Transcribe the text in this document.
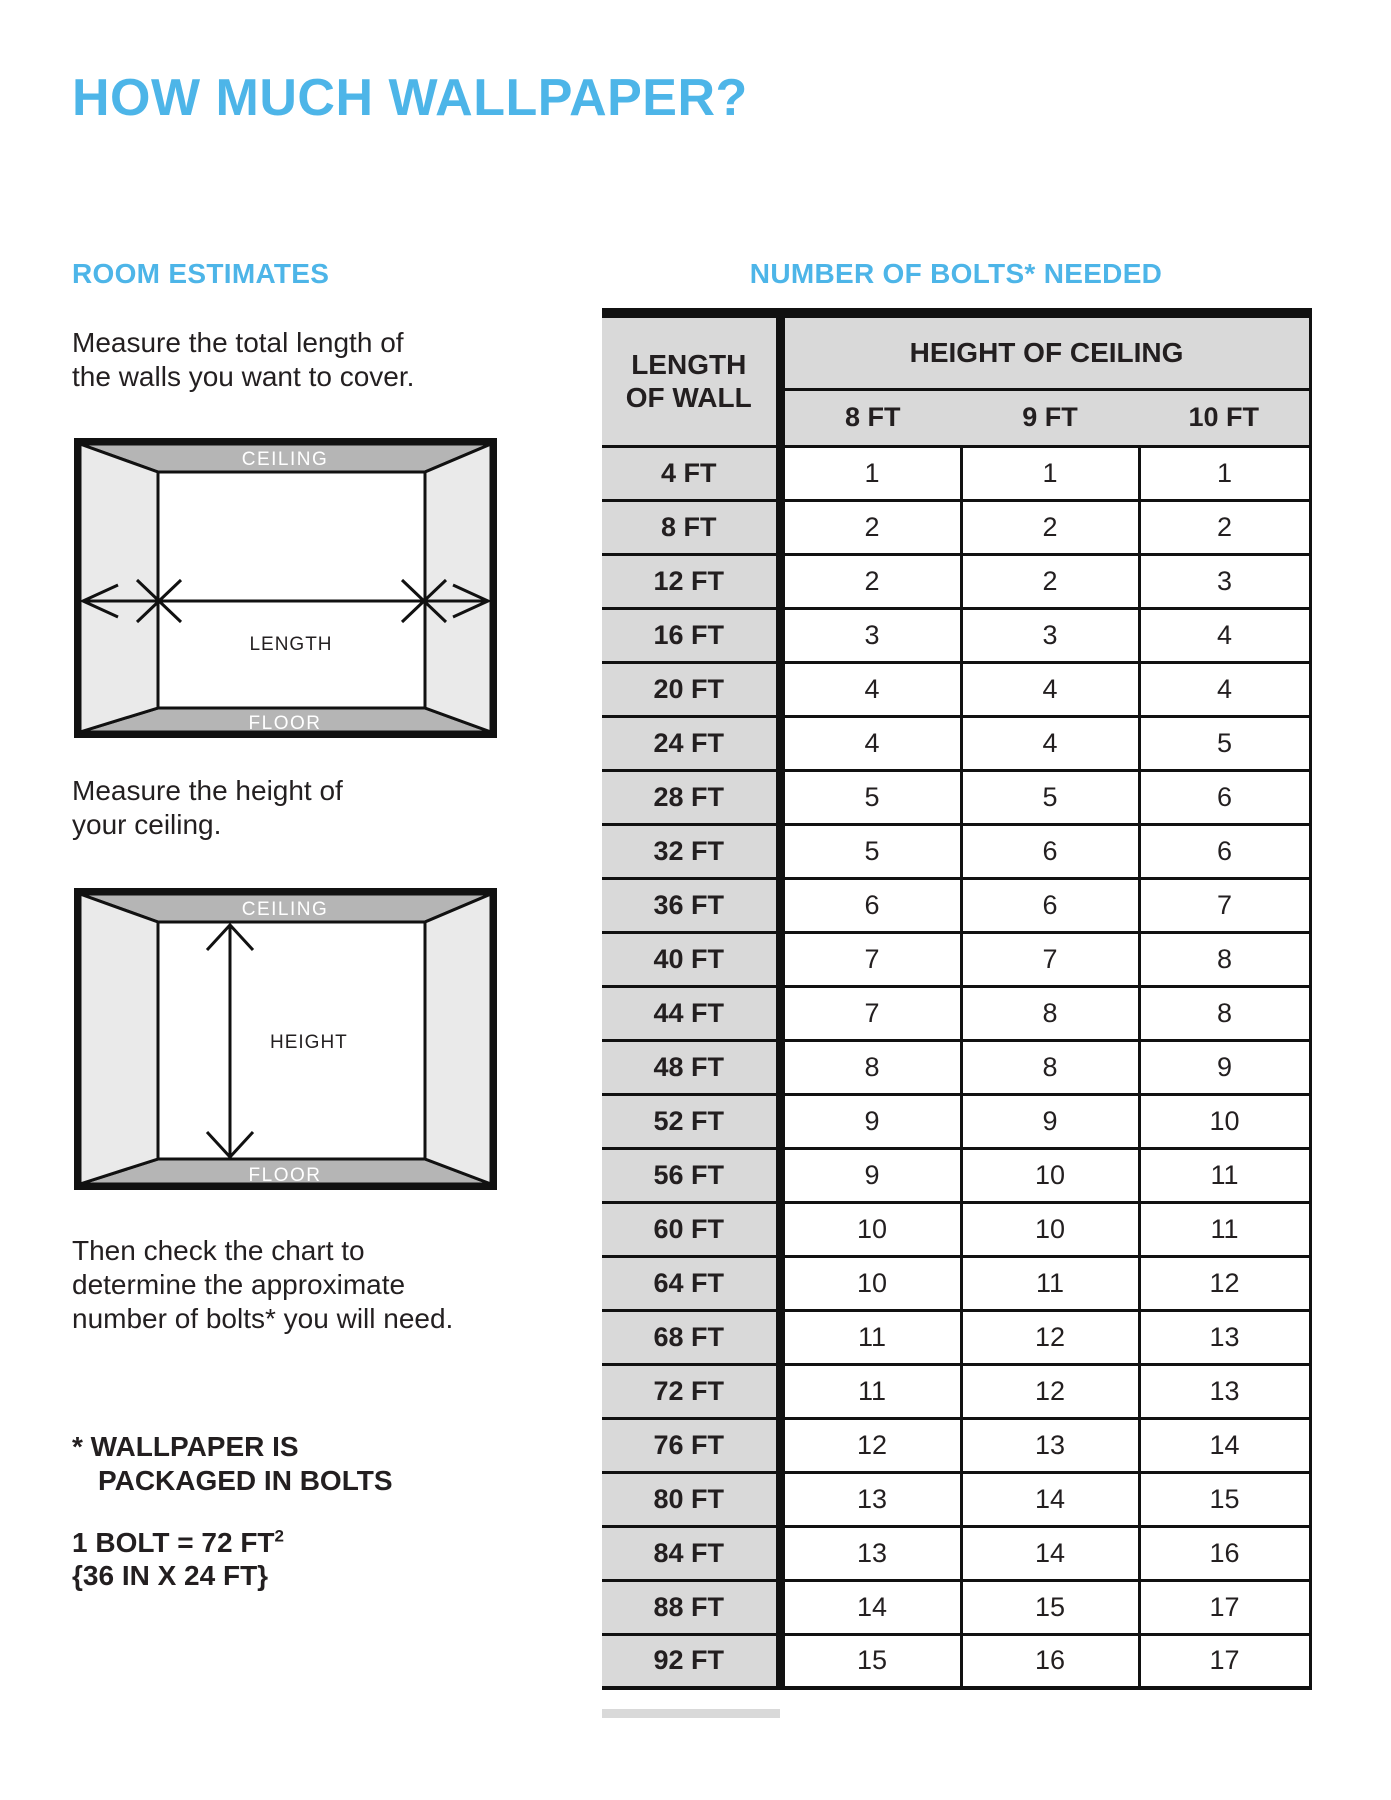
HOW MUCH WALLPAPER?
ROOM ESTIMATES	NUMBER OF BOLTS* NEEDED
Measure the total length of
the walls you want to cover.
CEILING
FLOOR
LENGTH
Measure the height of
your ceiling.
CEILING
FLOOR
HEIGHT
Then check the chart to
determine the approximate
number of bolts* you will need.
* WALLPAPER IS
PACKAGED IN BOLTS
1 BOLT = 72 $FT^2$
{36 IN X 24 FT}
LENGTH
OF WALL	HEIGHT OF CEILING		
	8 FT	9 FT	10 FT
4 FT	1	1	1
8 FT	2	2	2
12 FT	2	2	3
16 FT	3	3	4
20 FT	4	4	4
24 FT	4	4	5
28 FT	5	5	6
32 FT	5	6	6
36 FT	6	6	7
40 FT	7	7	8
44 FT	7	8	8
48 FT	8	8	9
52 FT	9	9	10
56 FT	9	10	11
60 FT	10	10	11
64 FT	10	11	12
68 FT	11	12	13
72 FT	11	12	13
76 FT	12	13	14
80 FT	13	14	15
84 FT	13	14	16
88 FT	14	15	17
92 FT	15	16	17
